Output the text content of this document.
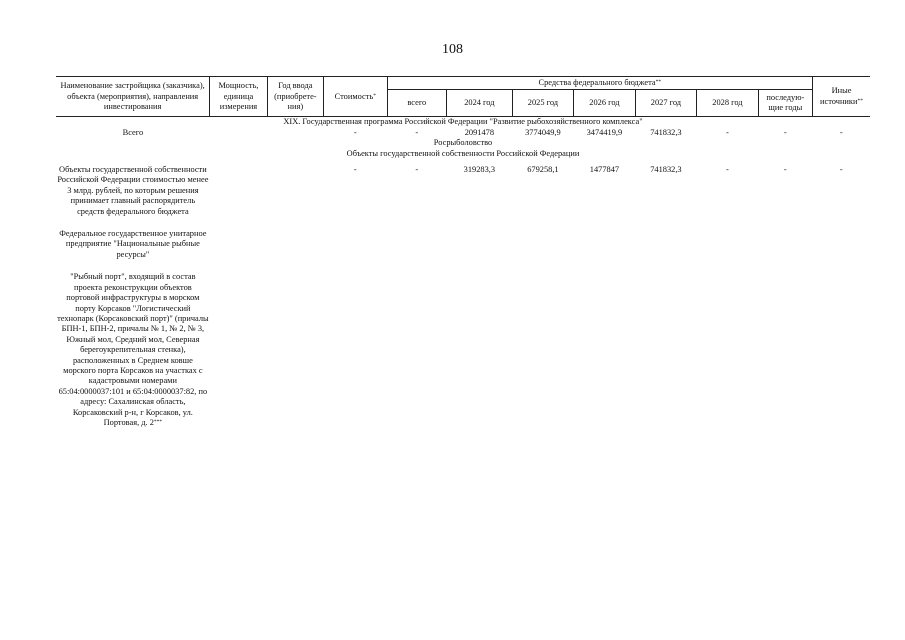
108
Наименование застройщика (заказчика), объекта (мероприятия), направления инвестирования	Мощность, единица измерения	Год ввода (приобрете-ния)	Стоимость*	Средства федерального бюджета**							Иные источники**
				всего	2024 год	2025 год	2026 год	2027 год	2028 год	последую-щие годы	
XIX. Государственная программа Российской Федерации "Развитие рыбохозяйственного комплекса"											
Всего			-	-	2091478	3774049,9	3474419,9	741832,3	-	-	-
Росрыболовство											
Объекты государственной собственности Российской Федерации											

Объекты государственной собственности Российской Федерации стоимостью менее 3 млрд. рублей, по которым решения принимает главный распорядитель средств федерального бюджета			-	-	319283,3	679258,1	1477847	741832,3	-	-	-

Федеральное государственное унитарное предприятие "Национальные рыбные ресурсы"											

"Рыбный порт", входящий в состав проекта реконструкции объектов портовой инфраструктуры в морском порту Корсаков "Логистический технопарк (Корсаковский порт)" (причалы БПН-1, БПН-2, причалы № 1, № 2, № 3, Южный мол, Средний мол, Северная берегоукрепительная стенка), расположенных в Среднем ковше морского порта Корсаков на участках с кадастровыми номерами 65:04:0000037:101 и 65:04:0000037:82, по адресу: Сахалинская область, Корсаковский р-н, г Корсаков, ул. Портовая, д. 2***	
